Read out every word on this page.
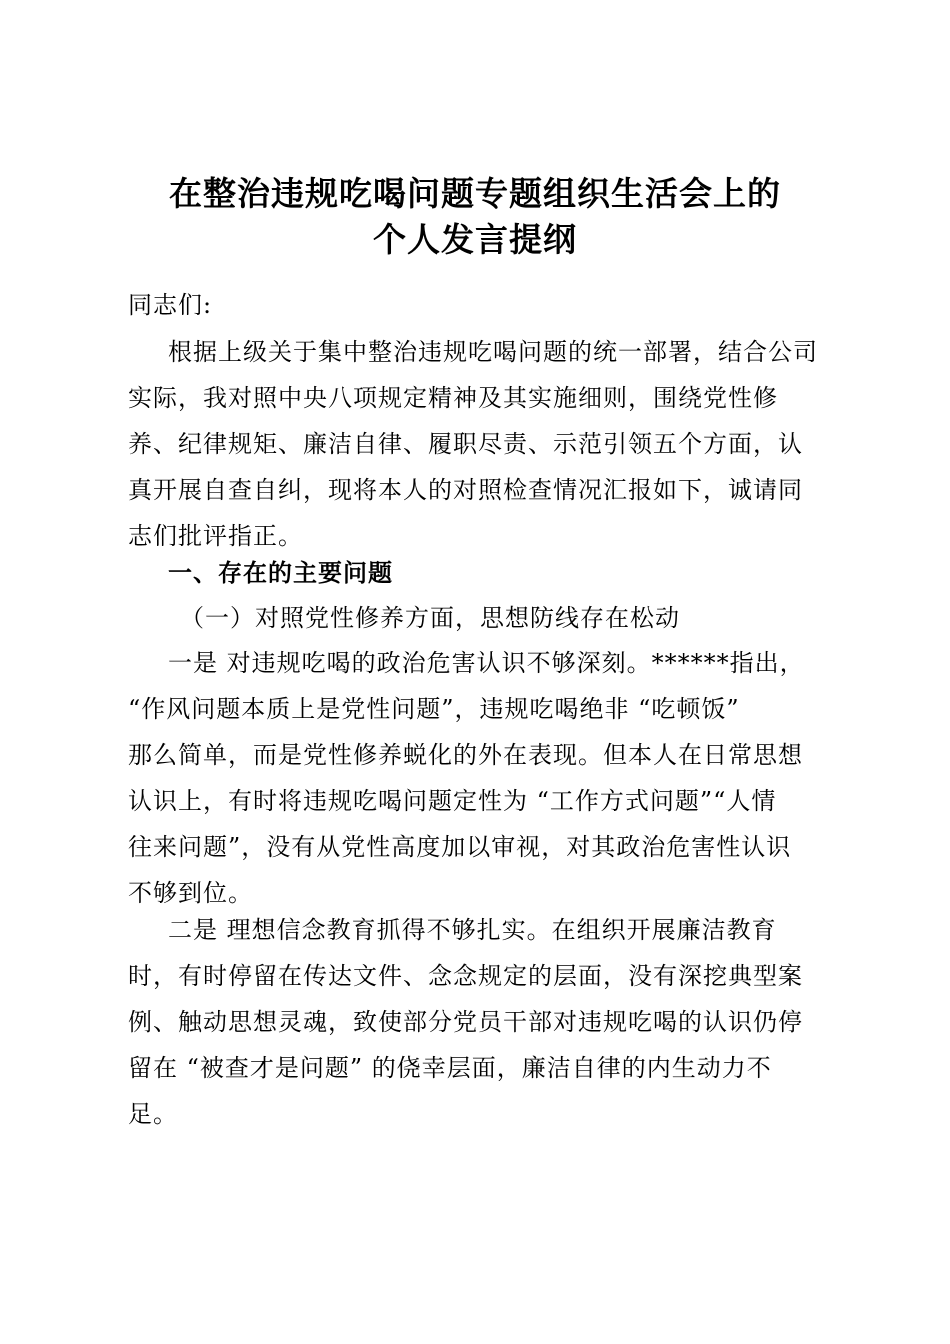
在整治违规吃喝问题专题组织生活会上的
个人发言提纲
同志们:
根据上级关于集中整治违规吃喝问题的统一部署，结合公司
实际，我对照中央八项规定精神及其实施细则，围绕党性修
养、纪律规矩、廉洁自律、履职尽责、示范引领五个方面，认
真开展自查自纠，现将本人的对照检查情况汇报如下，诚请同
志们批评指正。
一、存在的主要问题
（一）对照党性修养方面，思想防线存在松动
一是 对违规吃喝的政治危害认识不够深刻。******指出，
“作风问题本质上是党性问题”，违规吃喝绝非 “吃顿饭”
那么简单，而是党性修养蜕化的外在表现。但本人在日常思想
认识上，有时将违规吃喝问题定性为 “工作方式问题”“人情
往来问题”，没有从党性高度加以审视，对其政治危害性认识
不够到位。
二是 理想信念教育抓得不够扎实。在组织开展廉洁教育
时，有时停留在传达文件、念念规定的层面，没有深挖典型案
例、触动思想灵魂，致使部分党员干部对违规吃喝的认识仍停
留在 “被查才是问题” 的侥幸层面，廉洁自律的内生动力不
足。
